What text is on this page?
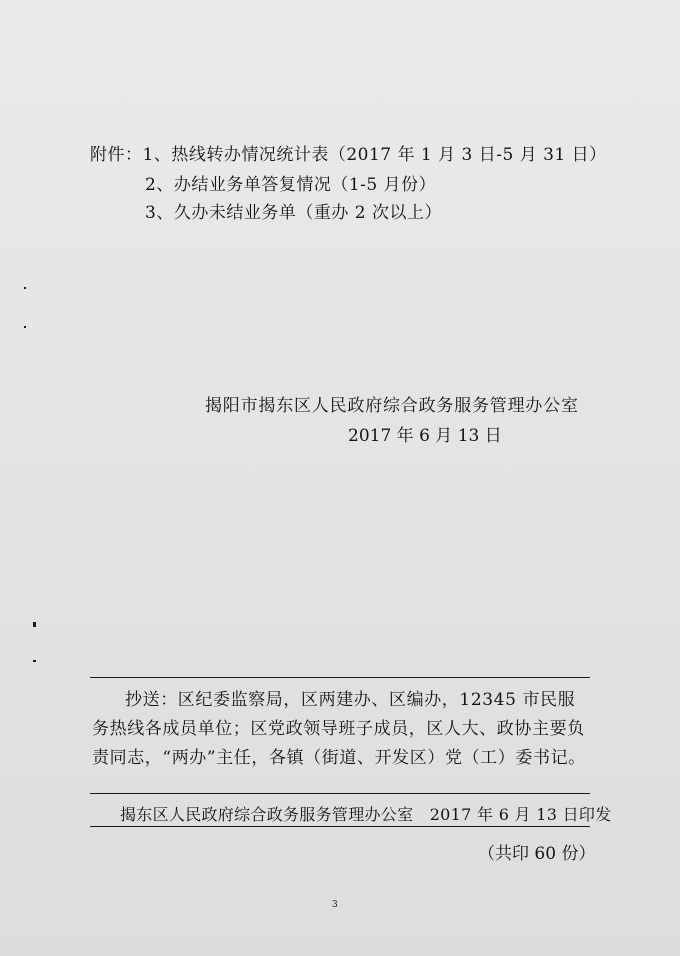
附件：1、热线转办情况统计表（2017 年 1 月 3 日-5 月 31 日）
2、办结业务单答复情况（1-5 月份）
3、久办未结业务单（重办 2 次以上）
揭阳市揭东区人民政府综合政务服务管理办公室
2017 年 6 月 13 日

抄送：区纪委监察局，区两建办、区编办，12345 市民服务热线各成员单位；区党政领导班子成员，区人大、政协主要负责同志，“两办”主任，各镇（街道、开发区）党（工）委书记。

揭东区人民政府综合政务服务管理办公室　2017 年 6 月 13 日印发
（共印 60 份）
3
